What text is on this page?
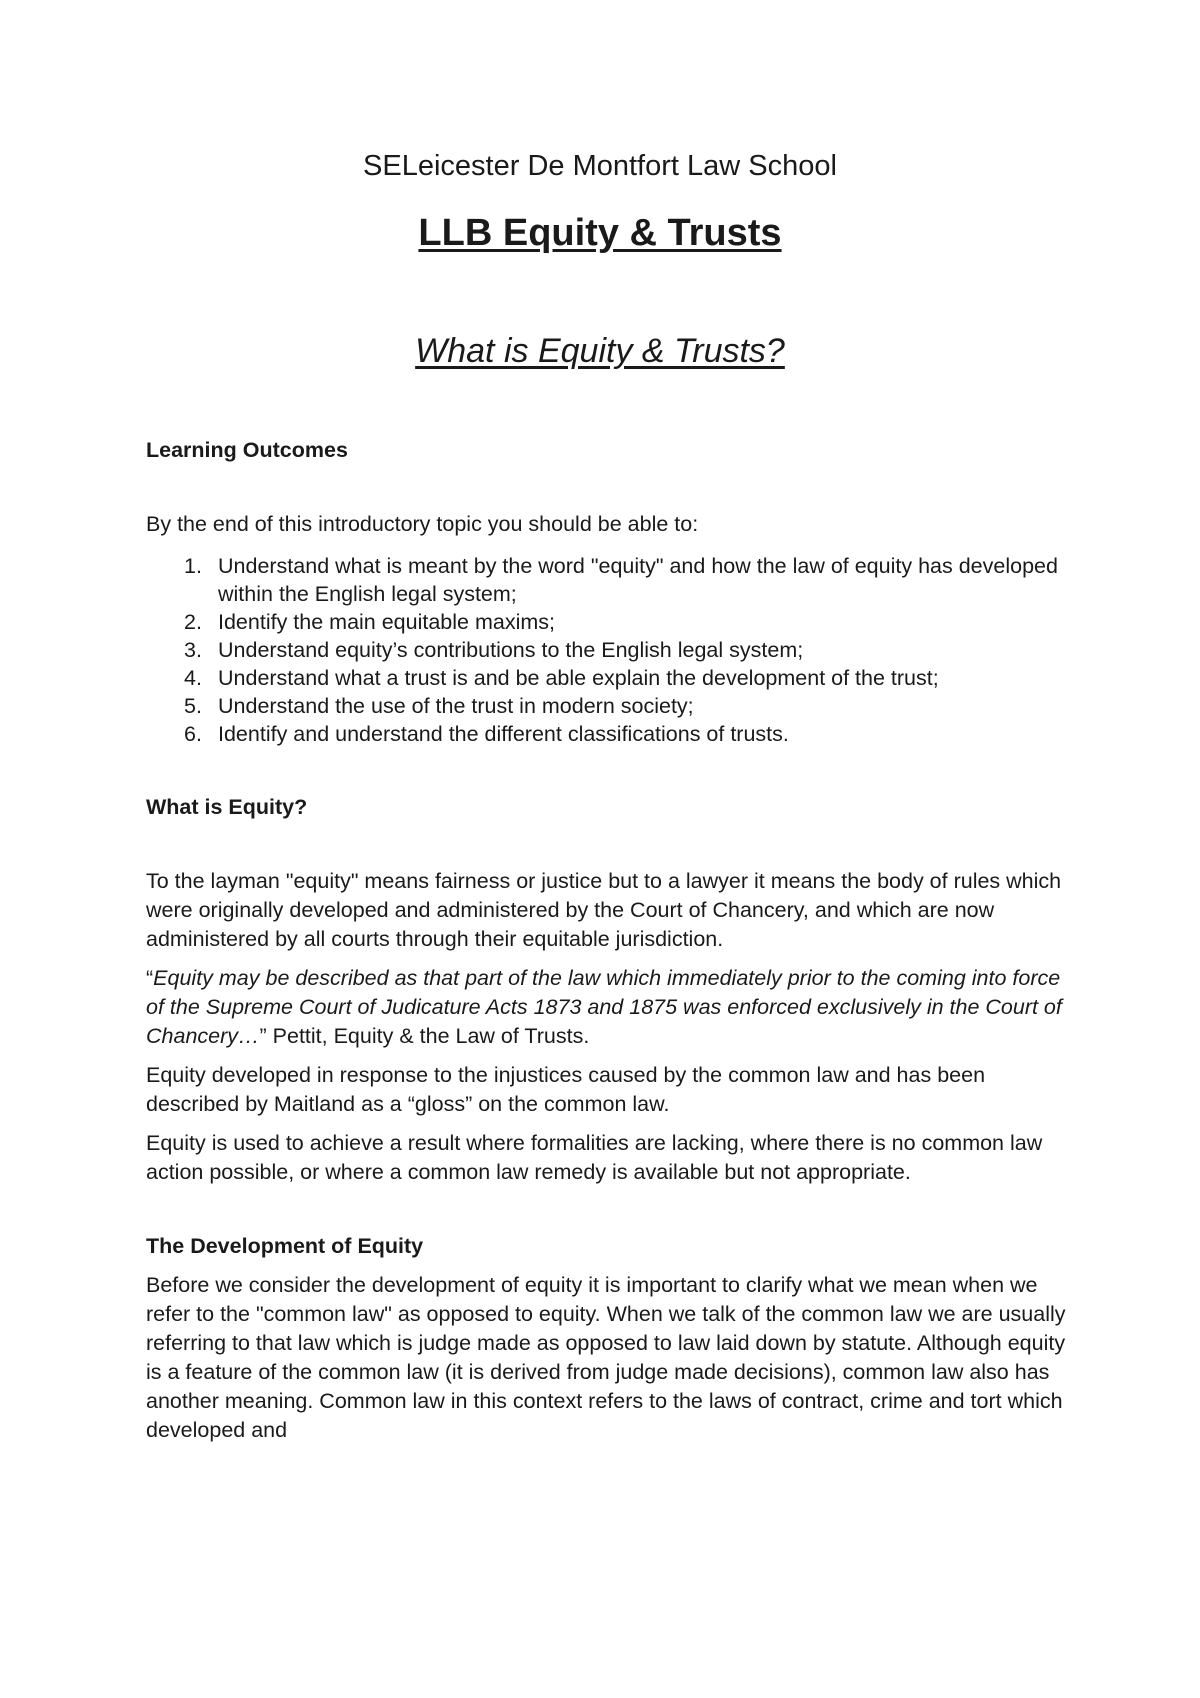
SELeicester De Montfort Law School
LLB Equity & Trusts
What is Equity & Trusts?

Learning Outcomes

By the end of this introductory topic you should be able to:

1. Understand what is meant by the word "equity" and how the law of equity has developed within the English legal system;
2. Identify the main equitable maxims;
3. Understand equity’s contributions to the English legal system;
4. Understand what a trust is and be able explain the development of the trust;
5. Understand the use of the trust in modern society;
6. Identify and understand the different classifications of trusts.

What is Equity?

To the layman "equity" means fairness or justice but to a lawyer it means the body of rules which were originally developed and administered by the Court of Chancery, and which are now administered by all courts through their equitable jurisdiction.

“Equity may be described as that part of the law which immediately prior to the coming into force of the Supreme Court of Judicature Acts 1873 and 1875 was enforced exclusively in the Court of Chancery…” Pettit, Equity & the Law of Trusts.

Equity developed in response to the injustices caused by the common law and has been described by Maitland as a “gloss” on the common law.

Equity is used to achieve a result where formalities are lacking, where there is no common law action possible, or where a common law remedy is available but not appropriate.

The Development of Equity

Before we consider the development of equity it is important to clarify what we mean when we refer to the "common law" as opposed to equity. When we talk of the common law we are usually referring to that law which is judge made as opposed to law laid down by statute. Although equity is a feature of the common law (it is derived from judge made decisions), common law also has another meaning. Common law in this context refers to the laws of contract, crime and tort which developed and
